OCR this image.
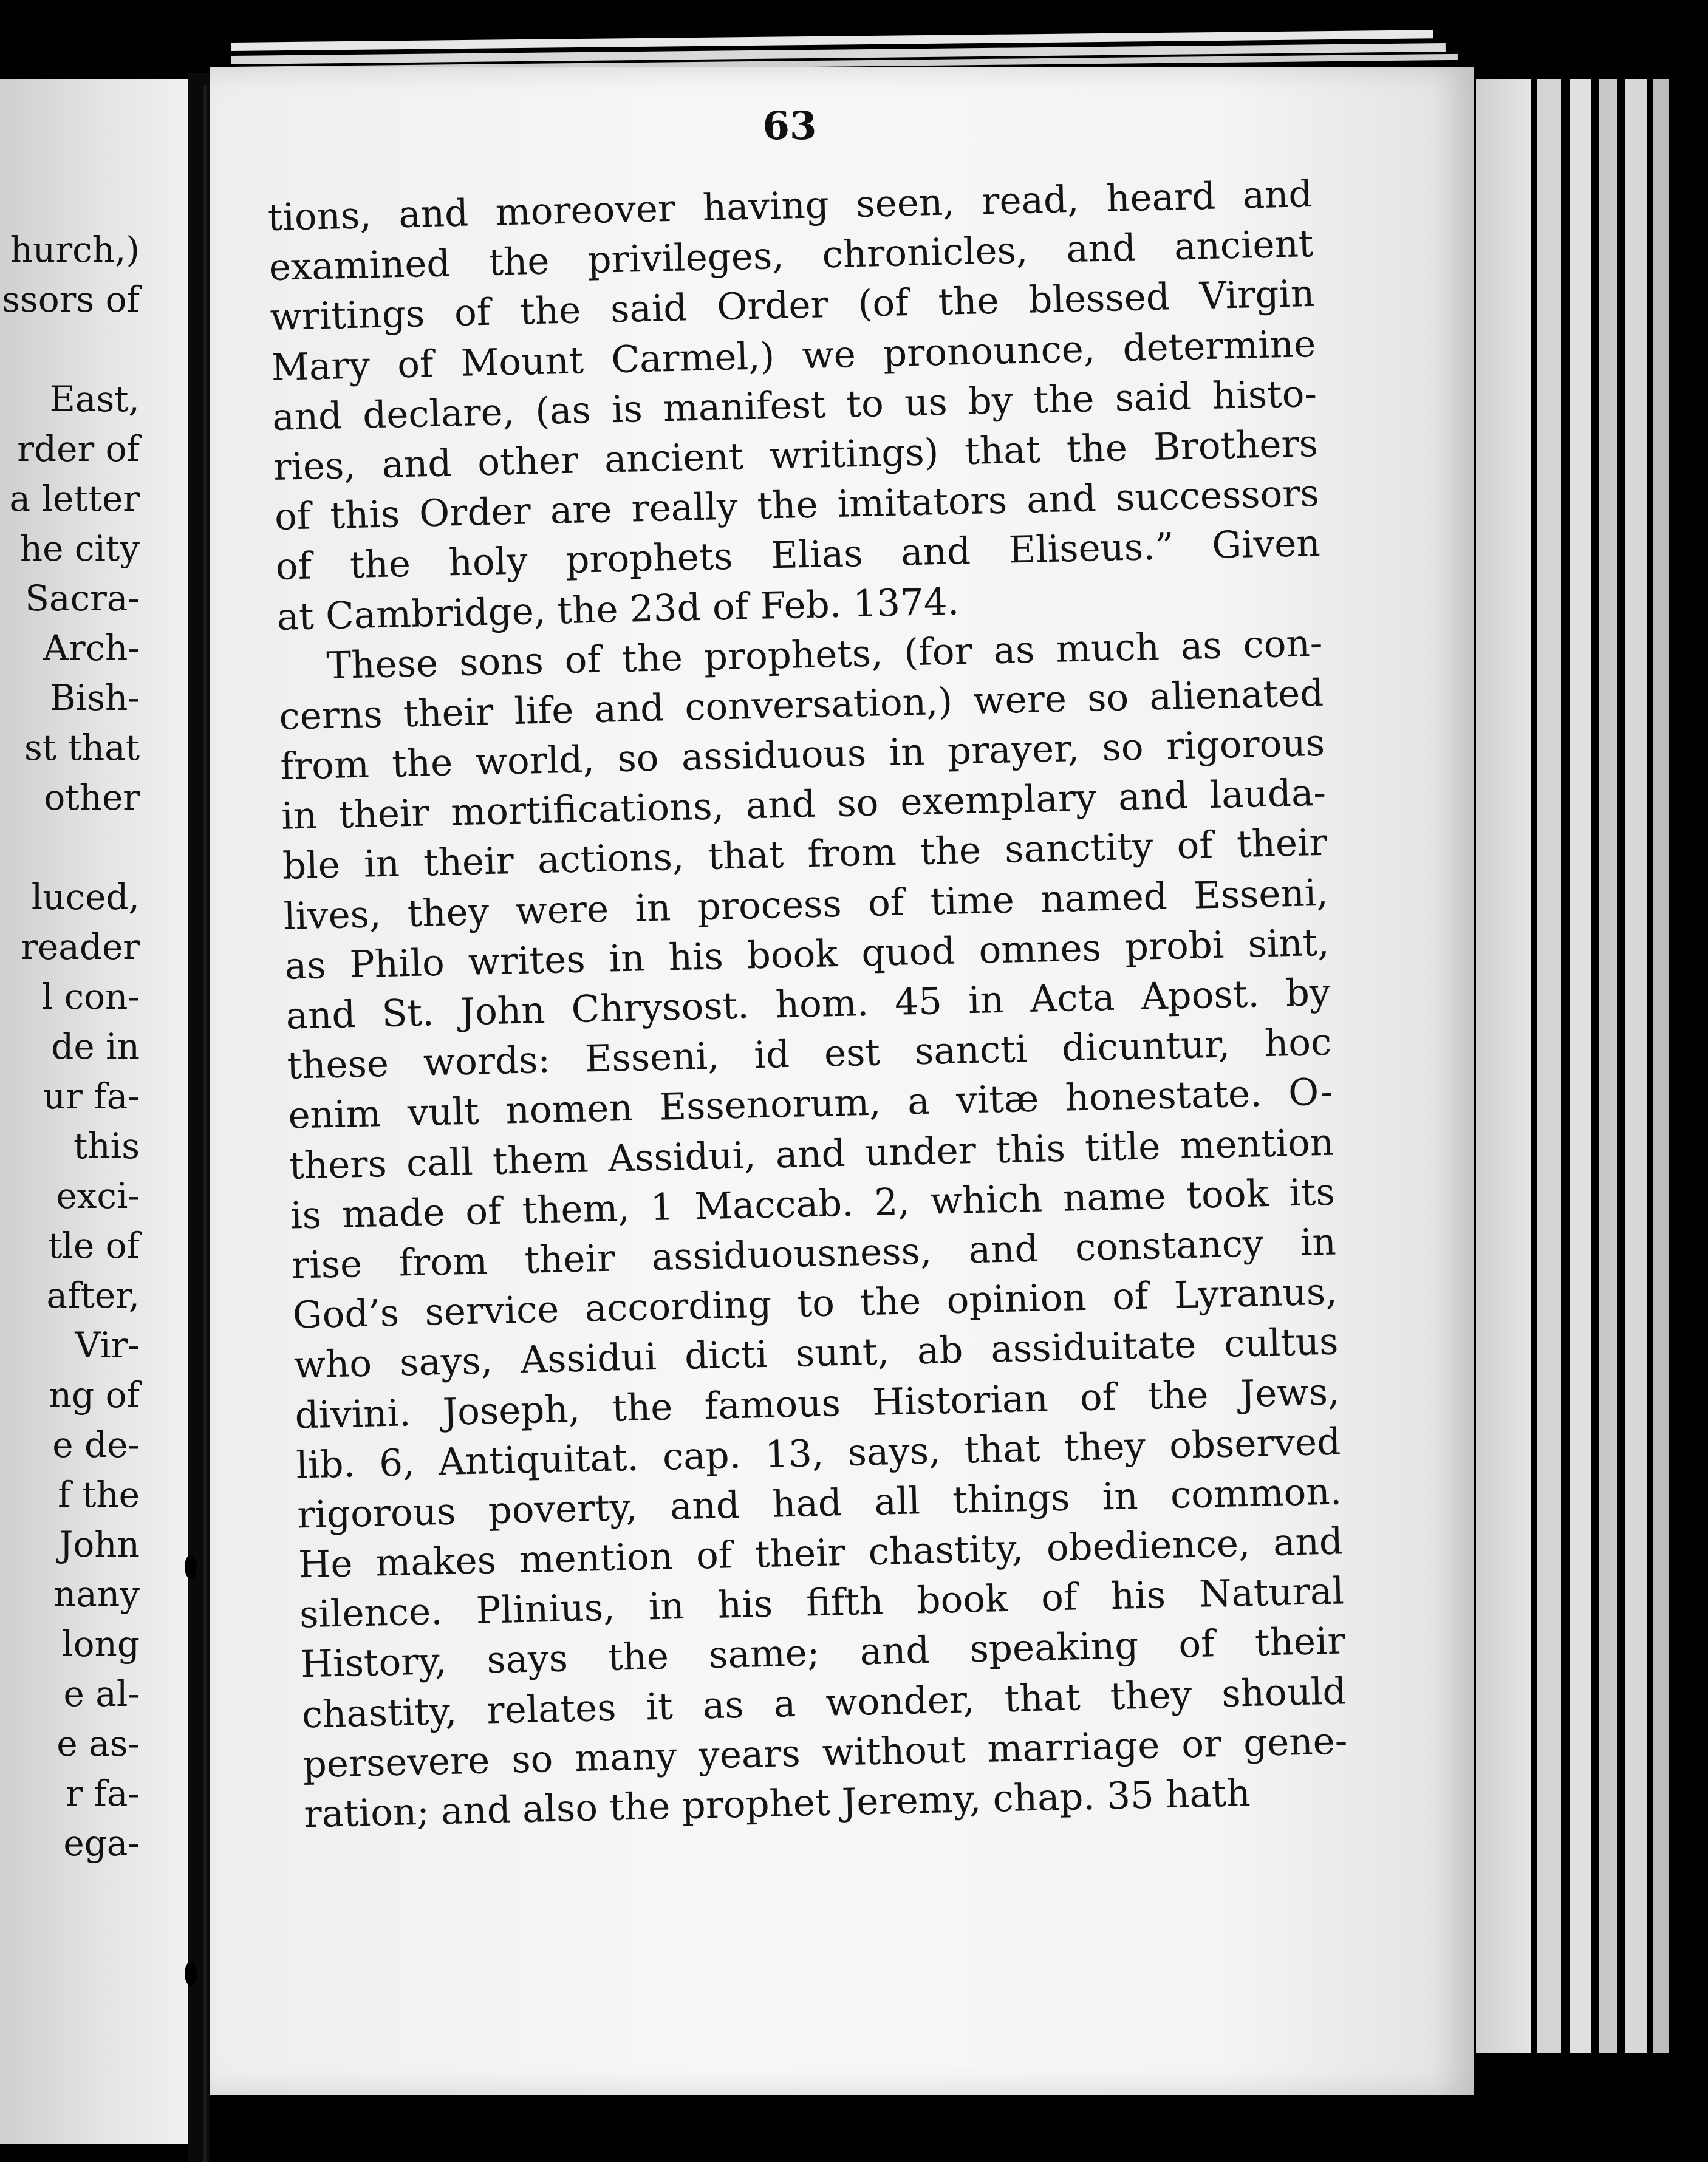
hurch,)
ssors of
East,
rder of
a letter
he city
Sacra-
Arch-
Bish-
st that
other
luced,
reader
l con-
de in
ur fa-
this
exci-
tle of
after,
Vir-
ng of
e de-
f the
John
nany
long
e al-
e as-
r fa-
ega-
63
tions, and moreover having seen, read, heard and
examined the privileges, chronicles, and ancient
writings of the said Order (of the blessed Virgin
Mary of Mount Carmel,) we pronounce, determine
and declare, (as is manifest to us by the said histo-
ries, and other ancient writings) that the Brothers
of this Order are really the imitators and successors
of the holy prophets Elias and Eliseus.” Given
at Cambridge, the 23d of Feb. 1374.
These sons of the prophets, (for as much as con-
cerns their life and conversation,) were so alienated
from the world, so assiduous in prayer, so rigorous
in their mortifications, and so exemplary and lauda-
ble in their actions, that from the sanctity of their
lives, they were in process of time named Esseni,
as Philo writes in his book quod omnes probi sint,
and St. John Chrysost. hom. 45 in Acta Apost. by
these words: Esseni, id est sancti dicuntur, hoc
enim vult nomen Essenorum, a vitæ honestate. O-
thers call them Assidui, and under this title mention
is made of them, 1 Maccab. 2, which name took its
rise from their assiduousness, and constancy in
God’s service according to the opinion of Lyranus,
who says, Assidui dicti sunt, ab assiduitate cultus
divini. Joseph, the famous Historian of the Jews,
lib. 6, Antiquitat. cap. 13, says, that they observed
rigorous poverty, and had all things in common.
He makes mention of their chastity, obedience, and
silence. Plinius, in his fifth book of his Natural
History, says the same; and speaking of their
chastity, relates it as a wonder, that they should
persevere so many years without marriage or gene-
ration; and also the prophet Jeremy, chap. 35 hath
